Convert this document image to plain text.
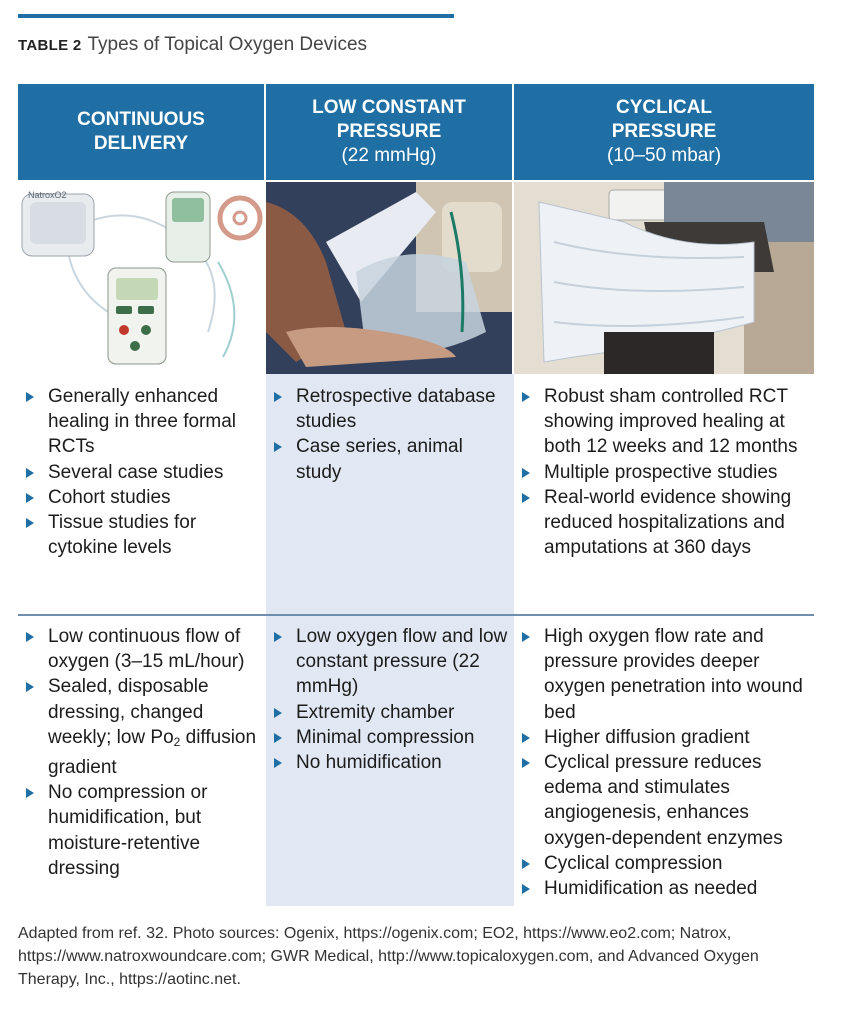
TABLE 2 Types of Topical Oxygen Devices
CONTINUOUS
DELIVERY
LOW CONSTANT
PRESSURE
(22 mmHg)
CYCLICAL
PRESSURE
(10–50 mbar)
NatroxO2
Generally enhanced healing in three formal RCTs
Several case studies
Cohort studies
Tissue studies for cytokine levels
Retrospective database studies
Case series, animal study
Robust sham controlled RCT showing improved healing at both 12 weeks and 12 months
Multiple prospective studies
Real-world evidence showing reduced hospitalizations and amputations at 360 days
Low continuous flow of oxygen (3–15 mL/hour)
Sealed, disposable dressing, changed weekly; low $Po_2$ diffusion gradient
No compression or humidification, but moisture-retentive dressing
Low oxygen flow and low constant pressure (22 mmHg)
Extremity chamber
Minimal compression
No humidification
High oxygen flow rate and pressure provides deeper oxygen penetration into wound bed
Higher diffusion gradient
Cyclical pressure reduces edema and stimulates angiogenesis, enhances oxygen-dependent enzymes
Cyclical compression
Humidification as needed
Adapted from ref. 32. Photo sources: Ogenix, https://ogenix.com; EO2, https://www.eo2.com; Natrox, https://www.natroxwoundcare.com; GWR Medical, http://www.topicaloxygen.com, and Advanced Oxygen Therapy, Inc., https://aotinc.net.
